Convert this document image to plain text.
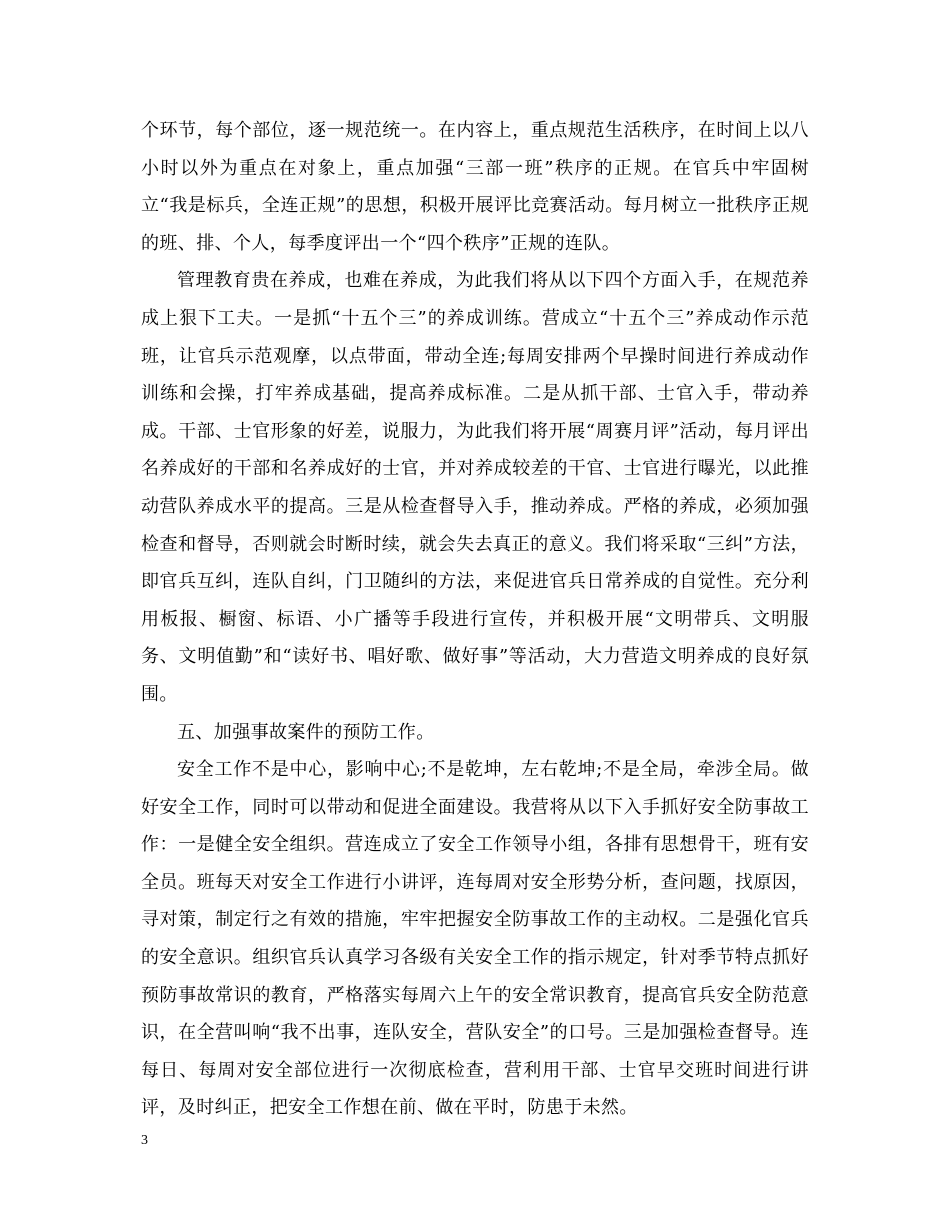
个环节，每个部位，逐一规范统一。在内容上，重点规范生活秩序，在时间上以八小时以外为重点在对象上，重点加强“三部一班”秩序的正规。在官兵中牢固树立“我是标兵，全连正规”的思想，积极开展评比竞赛活动。每月树立一批秩序正规的班、排、个人，每季度评出一个“四个秩序”正规的连队。

管理教育贵在养成，也难在养成，为此我们将从以下四个方面入手，在规范养成上狠下工夫。一是抓“十五个三”的养成训练。营成立“十五个三”养成动作示范班，让官兵示范观摩，以点带面，带动全连;每周安排两个早操时间进行养成动作训练和会操，打牢养成基础，提高养成标准。二是从抓干部、士官入手，带动养成。干部、士官形象的好差，说服力，为此我们将开展“周赛月评”活动，每月评出名养成好的干部和名养成好的士官，并对养成较差的干官、士官进行曝光，以此推动营队养成水平的提高。三是从检查督导入手，推动养成。严格的养成，必须加强检查和督导，否则就会时断时续，就会失去真正的意义。我们将采取“三纠”方法，即官兵互纠，连队自纠，门卫随纠的方法，来促进官兵日常养成的自觉性。充分利用板报、橱窗、标语、小广播等手段进行宣传，并积极开展“文明带兵、文明服务、文明值勤”和“读好书、唱好歌、做好事”等活动，大力营造文明养成的良好氛围。

五、加强事故案件的预防工作。

安全工作不是中心，影响中心;不是乾坤，左右乾坤;不是全局，牵涉全局。做好安全工作，同时可以带动和促进全面建设。我营将从以下入手抓好安全防事故工作：一是健全安全组织。营连成立了安全工作领导小组，各排有思想骨干，班有安全员。班每天对安全工作进行小讲评，连每周对安全形势分析，查问题，找原因，寻对策，制定行之有效的措施，牢牢把握安全防事故工作的主动权。二是强化官兵的安全意识。组织官兵认真学习各级有关安全工作的指示规定，针对季节特点抓好预防事故常识的教育，严格落实每周六上午的安全常识教育，提高官兵安全防范意识，在全营叫响“我不出事，连队安全，营队安全”的口号。三是加强检查督导。连每日、每周对安全部位进行一次彻底检查，营利用干部、士官早交班时间进行讲评，及时纠正，把安全工作想在前、做在平时，防患于未然。

3
